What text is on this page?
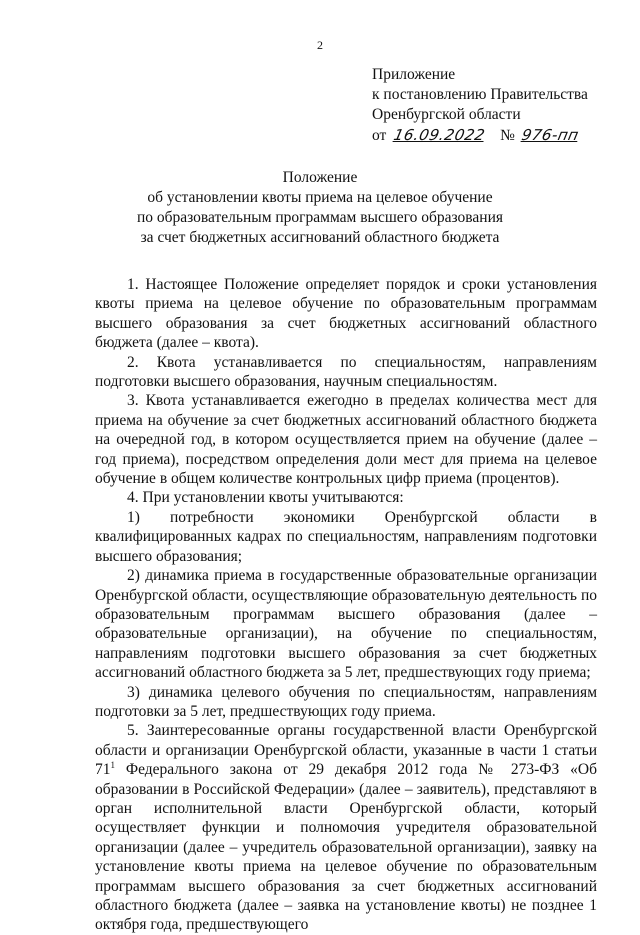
2
Приложение
к постановлению Правительства
Оренбургской области
от 16.09.2022 № 976-пп
Положение
об установлении квоты приема на целевое обучение
по образовательным программам высшего образования
за счет бюджетных ассигнований областного бюджета

1. Настоящее Положение определяет порядок и сроки установления квоты приема на целевое обучение по образовательным программам высшего образования за счет бюджетных ассигнований областного бюджета (далее – квота).

2. Квота устанавливается по специальностям, направлениям подготовки высшего образования, научным специальностям.

3. Квота устанавливается ежегодно в пределах количества мест для приема на обучение за счет бюджетных ассигнований областного бюджета на очередной год, в котором осуществляется прием на обучение (далее – год приема), посредством определения доли мест для приема на целевое обучение в общем количестве контрольных цифр приема (процентов).

4. При установлении квоты учитываются:

1) потребности экономики Оренбургской области в квалифицированных кадрах по специальностям, направлениям подготовки высшего образования;

2) динамика приема в государственные образовательные организации Оренбургской области, осуществляющие образовательную деятельность по образовательным программам высшего образования (далее – образовательные организации), на обучение по специальностям, направлениям подготовки высшего образования за счет бюджетных ассигнований областного бюджета за 5 лет, предшествующих году приема;

3) динамика целевого обучения по специальностям, направлениям подготовки за 5 лет, предшествующих году приема.

5. Заинтересованные органы государственной власти Оренбургской области и организации Оренбургской области, указанные в части 1 статьи $71^1$ Федерального закона от 29 декабря 2012 года № 273-ФЗ «Об образовании в Российской Федерации» (далее – заявитель), представляют в орган исполнительной власти Оренбургской области, который осуществляет функции и полномочия учредителя образовательной организации (далее – учредитель образовательной организации), заявку на установление квоты приема на целевое обучение по образовательным программам высшего образования за счет бюджетных ассигнований областного бюджета (далее – заявка на установление квоты) не позднее 1 октября года, предшествующего
